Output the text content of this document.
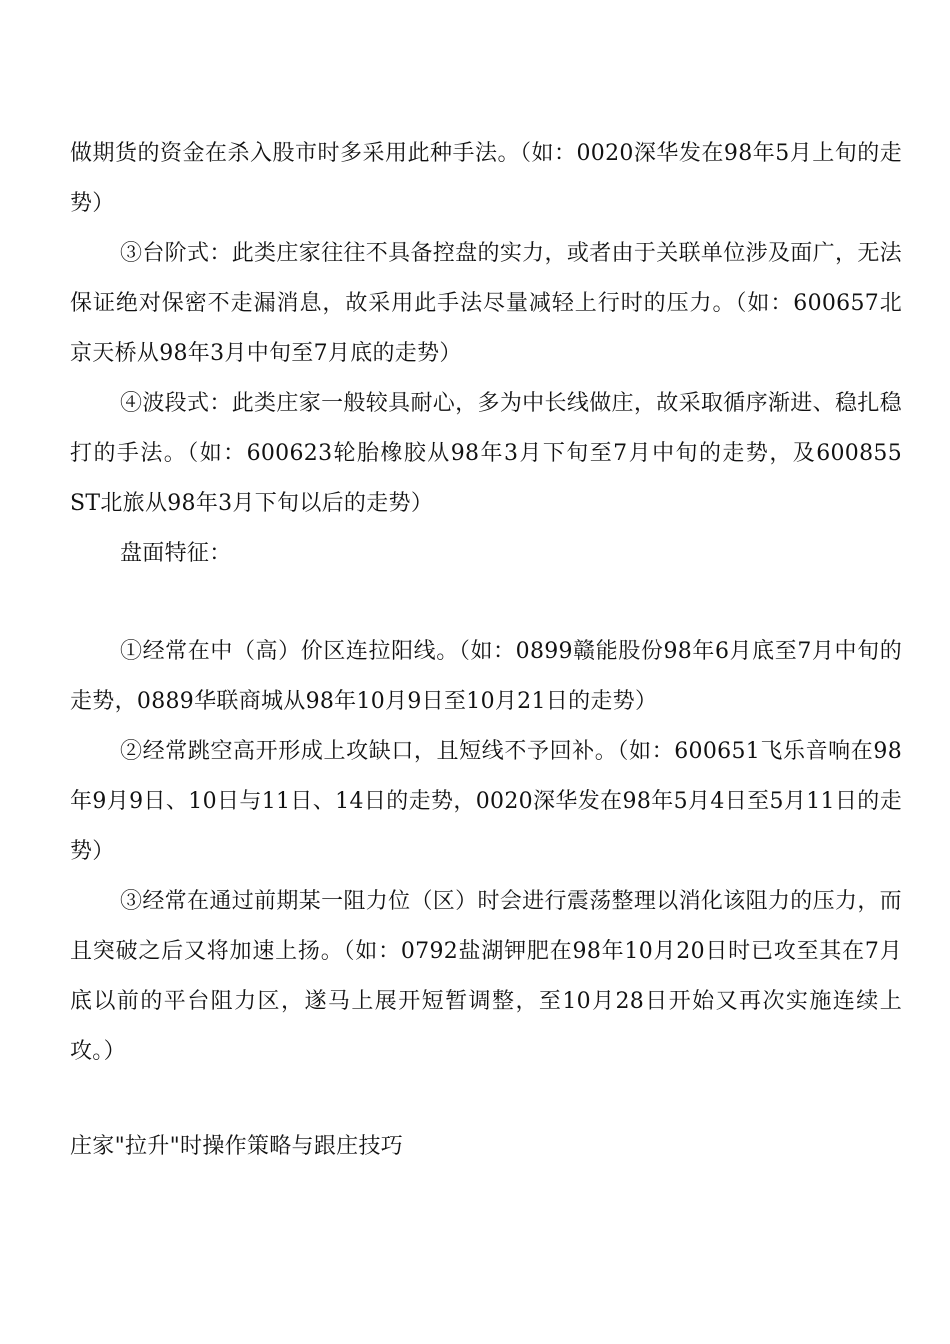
做期货的资金在杀入股市时多采用此种手法。（如：0020深华发在98年5月上旬的走势）

③台阶式：此类庄家往往不具备控盘的实力，或者由于关联单位涉及面广，无法保证绝对保密不走漏消息，故采用此手法尽量减轻上行时的压力。（如：600657北京天桥从98年3月中旬至7月底的走势）

④波段式：此类庄家一般较具耐心，多为中长线做庄，故采取循序渐进、稳扎稳打的手法。（如：600623轮胎橡胶从98年3月下旬至7月中旬的走势，及600855 ST北旅从98年3月下旬以后的走势）

盘面特征：

①经常在中（高）价区连拉阳线。（如：0899赣能股份98年6月底至7月中旬的走势，0889华联商城从98年10月9日至10月21日的走势）

②经常跳空高开形成上攻缺口，且短线不予回补。（如：600651飞乐音响在98年9月9日、10日与11日、14日的走势，0020深华发在98年5月4日至5月11日的走势）

③经常在通过前期某一阻力位（区）时会进行震荡整理以消化该阻力的压力，而且突破之后又将加速上扬。（如：0792盐湖钾肥在98年10月20日时已攻至其在7月底以前的平台阻力区，遂马上展开短暂调整，至10月28日开始又再次实施连续上攻。）

庄家"拉升"时操作策略与跟庄技巧
